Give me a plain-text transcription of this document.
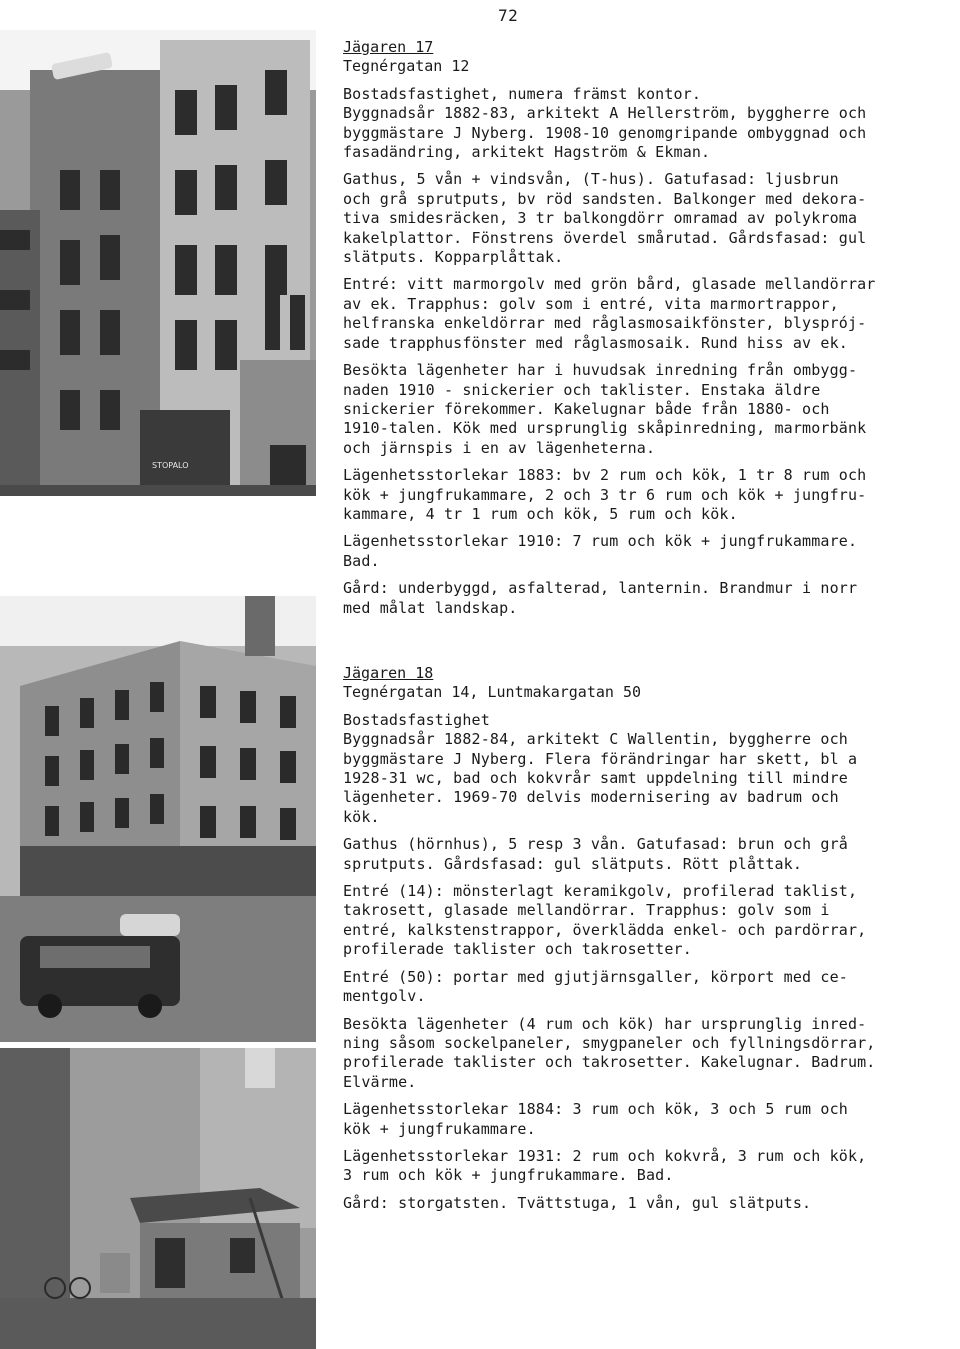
72
STOPALO
Jägaren 17
Tegnérgatan 12

Bostadsfastighet, numera främst kontor.
Byggnadsår 1882-83, arkitekt A Hellerström, byggherre och
byggmästare J Nyberg. 1908-10 genomgripande ombyggnad och
fasadändring, arkitekt Hagström & Ekman.

Gathus, 5 vån + vindsvån, (T-hus). Gatufasad: ljusbrun
och grå sprutputs, bv röd sandsten. Balkonger med dekora-
tiva smidesräcken, 3 tr balkongdörr omramad av polykroma
kakelplattor. Fönstrens överdel smårutad. Gårdsfasad: gul
slätputs. Kopparplåttak.

Entré: vitt marmorgolv med grön bård, glasade mellandörrar
av ek. Trapphus: golv som i entré, vita marmortrappor,
helfranska enkeldörrar med råglasmosaikfönster, blysprój-
sade trapphusfönster med råglasmosaik. Rund hiss av ek.

Besökta lägenheter har i huvudsak inredning från ombygg-
naden 1910 - snickerier och taklister. Enstaka äldre
snickerier förekommer. Kakelugnar både från 1880- och
1910-talen. Kök med ursprunglig skåpinredning, marmorbänk
och järnspis i en av lägenheterna.

Lägenhetsstorlekar 1883: bv 2 rum och kök, 1 tr 8 rum och
kök + jungfrukammare, 2 och 3 tr 6 rum och kök + jungfru-
kammare, 4 tr 1 rum och kök, 5 rum och kök.

Lägenhetsstorlekar 1910: 7 rum och kök + jungfrukammare.
Bad.

Gård: underbyggd, asfalterad, lanternin. Brandmur i norr
med målat landskap.

Jägaren 18
Tegnérgatan 14, Luntmakargatan 50

Bostadsfastighet
Byggnadsår 1882-84, arkitekt C Wallentin, byggherre och
byggmästare J Nyberg. Flera förändringar har skett, bl a
1928-31 wc, bad och kokvrår samt uppdelning till mindre
lägenheter. 1969-70 delvis modernisering av badrum och
kök.

Gathus (hörnhus), 5 resp 3 vån. Gatufasad: brun och grå
sprutputs. Gårdsfasad: gul slätputs. Rött plåttak.

Entré (14): mönsterlagt keramikgolv, profilerad taklist,
takrosett, glasade mellandörrar. Trapphus: golv som i
entré, kalkstenstrappor, överklädda enkel- och pardörrar,
profilerade taklister och takrosetter.

Entré (50): portar med gjutjärnsgaller, körport med ce-
mentgolv.

Besökta lägenheter (4 rum och kök) har ursprunglig inred-
ning såsom sockelpaneler, smygpaneler och fyllningsdörrar,
profilerade taklister och takrosetter. Kakelugnar. Badrum.
Elvärme.

Lägenhetsstorlekar 1884: 3 rum och kök, 3 och 5 rum och
kök + jungfrukammare.

Lägenhetsstorlekar 1931: 2 rum och kokvrå, 3 rum och kök,
3 rum och kök + jungfrukammare. Bad.

Gård: storgatsten. Tvättstuga, 1 vån, gul slätputs.
